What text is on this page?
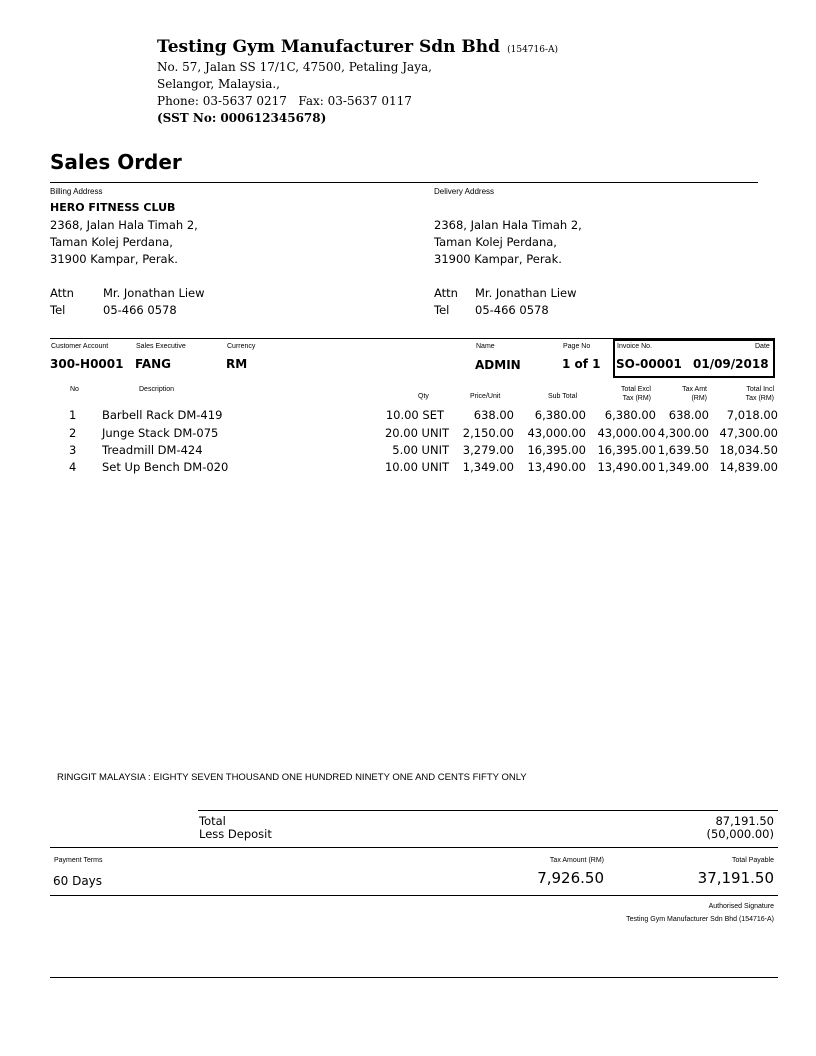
Testing Gym Manufacturer Sdn Bhd (154716-A)
No. 57, Jalan SS 17/1C, 47500, Petaling Jaya,
Selangor, Malaysia.,
Phone: 03-5637 0217   Fax: 03-5637 0117
(SST No: 000612345678)
Sales Order
Billing Address
HERO FITNESS CLUB
2368, Jalan Hala Timah 2,
Taman Kolej Perdana,
31900 Kampar, Perak.
Attn	Mr. Jonathan Liew
Tel	05-466 0578
Delivery Address
2368, Jalan Hala Timah 2,
Taman Kolej Perdana,
31900 Kampar, Perak.
Attn Mr. Jonathan Liew
Tel 05-466 0578
Customer Account
300-H0001
Sales Executive
FANG
Currency
RM
Name
ADMIN
Page No
1 of 1
Invoice No.	Date
SO-00001 01/09/2018
No	Description
Qty	Price/Unit	Sub Total
Total Excl
Tax (RM)
Tax Amt
(RM)
Total Incl
Tax (RM)
1 Barbell Rack DM-419	10.00 SET	638.00	6,380.00	6,380.00	638.00	7,018.00
2 Junge Stack DM-075	20.00 UNIT	2,150.00	43,000.00 43,000.00 4,300.00 47,300.00
3 Treadmill DM-424	5.00 UNIT	3,279.00	16,395.00 16,395.00 1,639.50 18,034.50
4 Set Up Bench DM-020	10.00 UNIT	1,349.00	13,490.00 13,490.00 1,349.00 14,839.00
RINGGIT MALAYSIA : EIGHTY SEVEN THOUSAND ONE HUNDRED NINETY ONE AND CENTS FIFTY ONLY
Total	87,191.50
Less Deposit	(50,000.00)
Payment Terms
60 Days
Tax Amount (RM)
7,926.50
Total Payable
37,191.50
Authorised Signature
Testing Gym Manufacturer Sdn Bhd (154716-A)
